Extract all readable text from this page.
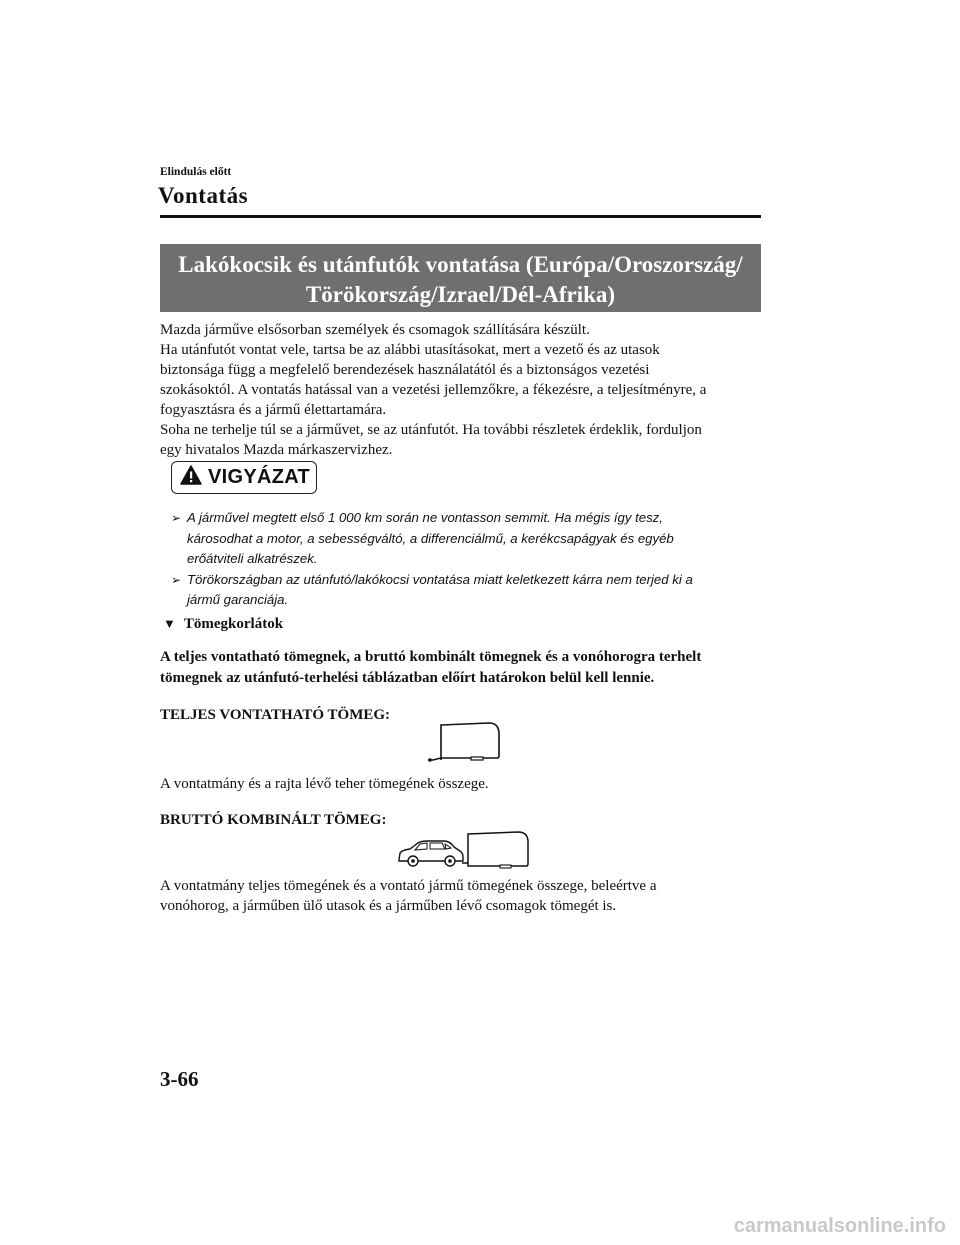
Elindulás előtt
Vontatás
Lakókocsik és utánfutók vontatása (Európa/Oroszország/
Törökország/Izrael/Dél-Afrika)

Mazda járműve elsősorban személyek és csomagok szállítására készült.

Ha utánfutót vontat vele, tartsa be az alábbi utasításokat, mert a vezető és az utasok

biztonsága függ a megfelelő berendezések használatától és a biztonságos vezetési

szokásoktól. A vontatás hatással van a vezetési jellemzőkre, a fékezésre, a teljesítményre, a

fogyasztásra és a jármű élettartamára.

Soha ne terhelje túl se a járművet, se az utánfutót. Ha további részletek érdeklik, forduljon

egy hivatalos Mazda márkaszervizhez.

VIGYÁZAT
➢ A járművel megtett első 1 000 km során ne vontasson semmit. Ha mégis így tesz,
károsodhat a motor, a sebességváltó, a differenciálmű, a kerékcsapágyak és egyéb
erőátviteli alkatrészek.
➢ Törökországban az utánfutó/lakókocsi vontatása miatt keletkezett kárra nem terjed ki a
jármű garanciája.
▼ Tömegkorlátok
A teljes vontatható tömegnek, a bruttó kombinált tömegnek és a vonóhorogra terhelt
tömegnek az utánfutó-terhelési táblázatban előírt határokon belül kell lennie.
TELJES VONTATHATÓ TÖMEG:
A vontatmány és a rajta lévő teher tömegének összege.
BRUTTÓ KOMBINÁLT TÖMEG:
A vontatmány teljes tömegének és a vontató jármű tömegének összege, beleértve a
vonóhorog, a járműben ülő utasok és a járműben lévő csomagok tömegét is.
3-66
carmanualsonline.info
